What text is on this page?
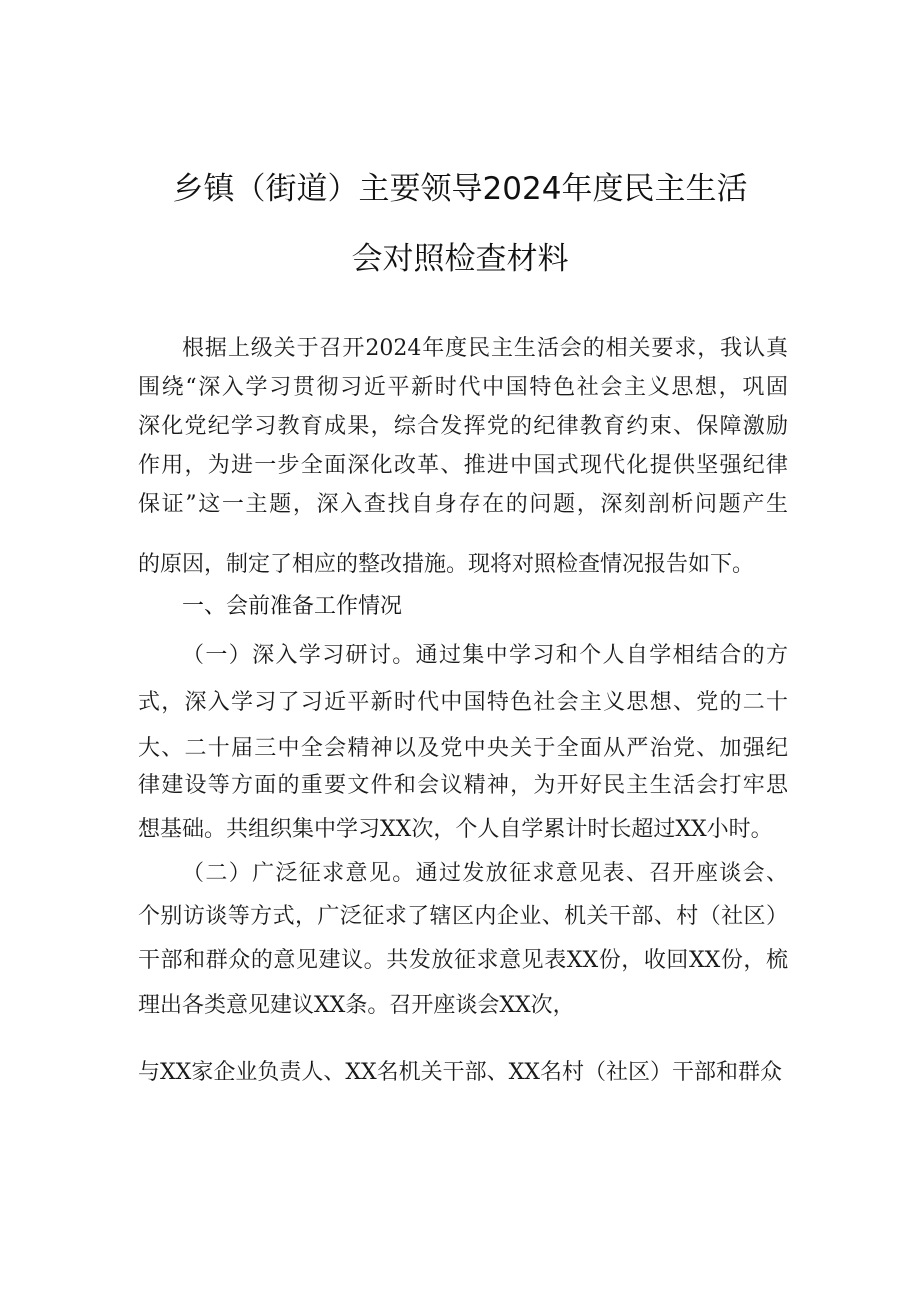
乡镇（街道）主要领导2024年度民主生活
会对照检查材料
根据上级关于召开2024年度民主生活会的相关要求，我认真
围绕“深入学习贯彻习近平新时代中国特色社会主义思想，巩固
深化党纪学习教育成果，综合发挥党的纪律教育约束、保障激励
作用，为进一步全面深化改革、推进中国式现代化提供坚强纪律
保证”这一主题，深入查找自身存在的问题，深刻剖析问题产生
的原因，制定了相应的整改措施。现将对照检查情况报告如下。
一、会前准备工作情况
（一）深入学习研讨。通过集中学习和个人自学相结合的方
式，深入学习了习近平新时代中国特色社会主义思想、党的二十
大、二十届三中全会精神以及党中央关于全面从严治党、加强纪
律建设等方面的重要文件和会议精神，为开好民主生活会打牢思
想基础。共组织集中学习XX次，个人自学累计时长超过XX小时。
（二）广泛征求意见。通过发放征求意见表、召开座谈会、
个别访谈等方式，广泛征求了辖区内企业、机关干部、村（社区）
干部和群众的意见建议。共发放征求意见表XX份，收回XX份，梳
理出各类意见建议XX条。召开座谈会XX次，
与XX家企业负责人、XX名机关干部、XX名村（社区）干部和群众
